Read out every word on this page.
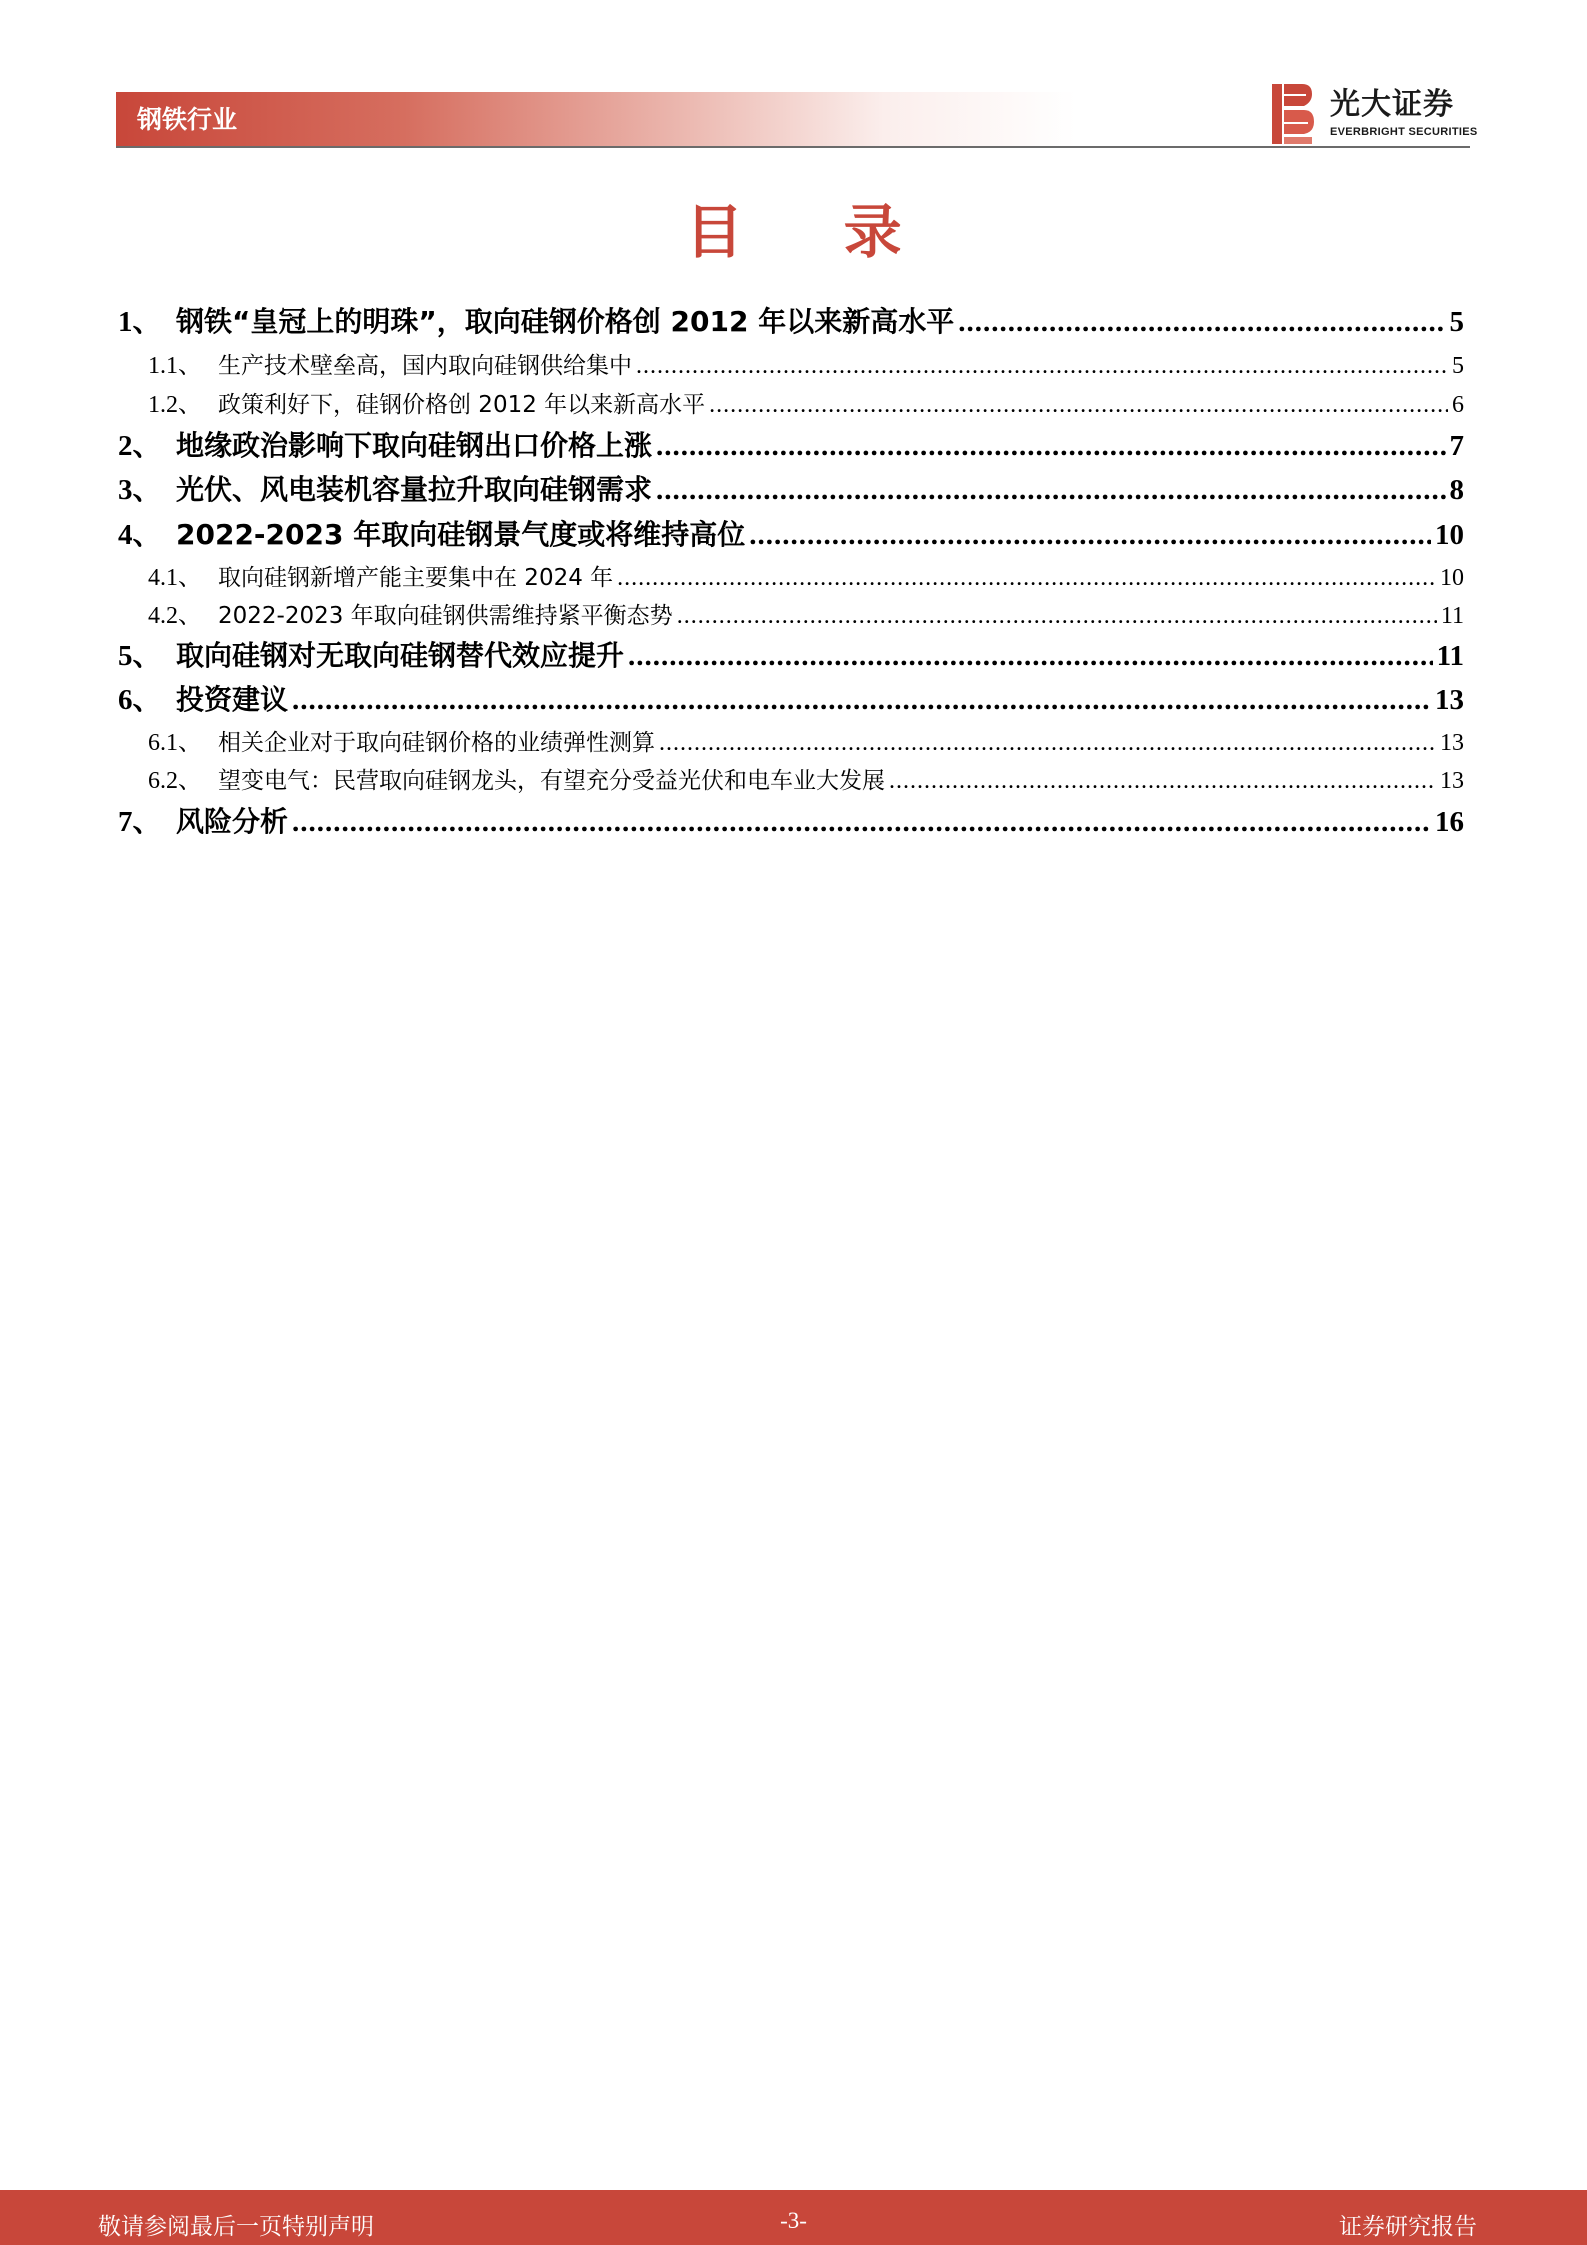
钢铁行业	光大证券
EVERBRIGHT SECURITIES
目 录
1、 钢铁“皇冠上的明珠”，取向硅钢价格创 2012 年以来新高水平 .....	5
1.1、 生产技术壁垒高，国内取向硅钢供给集中 .....	5
1.2、 政策利好下，硅钢价格创 2012 年以来新高水平 .....	6
2、 地缘政治影响下取向硅钢出口价格上涨 .....	7
3、 光伏、风电装机容量拉升取向硅钢需求 .....	8
4、 2022-2023 年取向硅钢景气度或将维持高位 .....	10
4.1、 取向硅钢新增产能主要集中在 2024 年 .....	10
4.2、 2022-2023 年取向硅钢供需维持紧平衡态势 .....	11
5、 取向硅钢对无取向硅钢替代效应提升 .....	11
6、 投资建议 .....	13
6.1、 相关企业对于取向硅钢价格的业绩弹性测算 .....	13
6.2、 望变电气：民营取向硅钢龙头，有望充分受益光伏和电车业大发展 .....	13
7、 风险分析 .....	16
敬请参阅最后一页特别声明	-3-	证券研究报告
